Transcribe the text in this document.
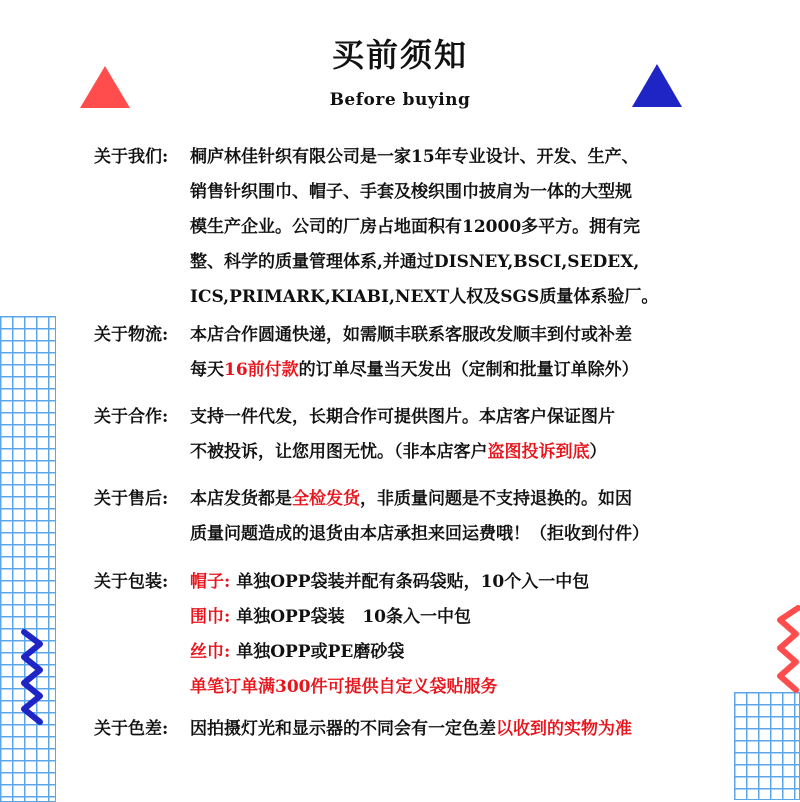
买前须知
Before buying
关于我们:	桐庐林佳针织有限公司是一家15年专业设计、开发、生产、
销售针织围巾、帽子、手套及梭织围巾披肩为一体的大型规
模生产企业。公司的厂房占地面积有12000多平方。拥有完
整、科学的质量管理体系,并通过DISNEY,BSCI,SEDEX,
ICS,PRIMARK,KIABI,NEXT人权及SGS质量体系验厂。
关于物流:	本店合作圆通快递，如需顺丰联系客服改发顺丰到付或补差
每天16前付款的订单尽量当天发出（定制和批量订单除外）
关于合作:	支持一件代发，长期合作可提供图片。本店客户保证图片
不被投诉，让您用图无忧。（非本店客户盗图投诉到底）
关于售后:	本店发货都是全检发货，非质量问题是不支持退换的。如因
质量问题造成的退货由本店承担来回运费哦！（拒收到付件）
关于包装:	帽子: 单独OPP袋装并配有条码袋贴，10个入一中包
围巾: 单独OPP袋装   10条入一中包
丝巾: 单独OPP或PE磨砂袋
单笔订单满300件可提供自定义袋贴服务
关于色差:	因拍摄灯光和显示器的不同会有一定色差以收到的实物为准
